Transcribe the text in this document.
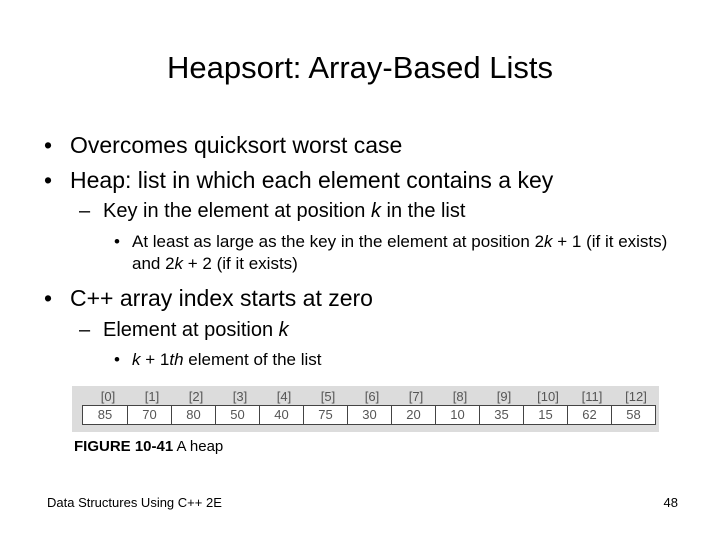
Heapsort: Array-Based Lists
• Overcomes quicksort worst case
• Heap: list in which each element contains a key
– Key in the element at position k in the list
• At least as large as the key in the element at position 2k + 1 (if it exists) and 2k + 2 (if it exists)
• C++ array index starts at zero
– Element at position k
• k + 1th element of the list
[0]	[1]	[2]	[3]	[4]	[5]	[6]	[7]	[8]	[9]	[10]	[11]	[12]
85	70	80	50	40	75	30	20	10	35	15	62	58
FIGURE 10-41 A heap
Data Structures Using C++ 2E	48
